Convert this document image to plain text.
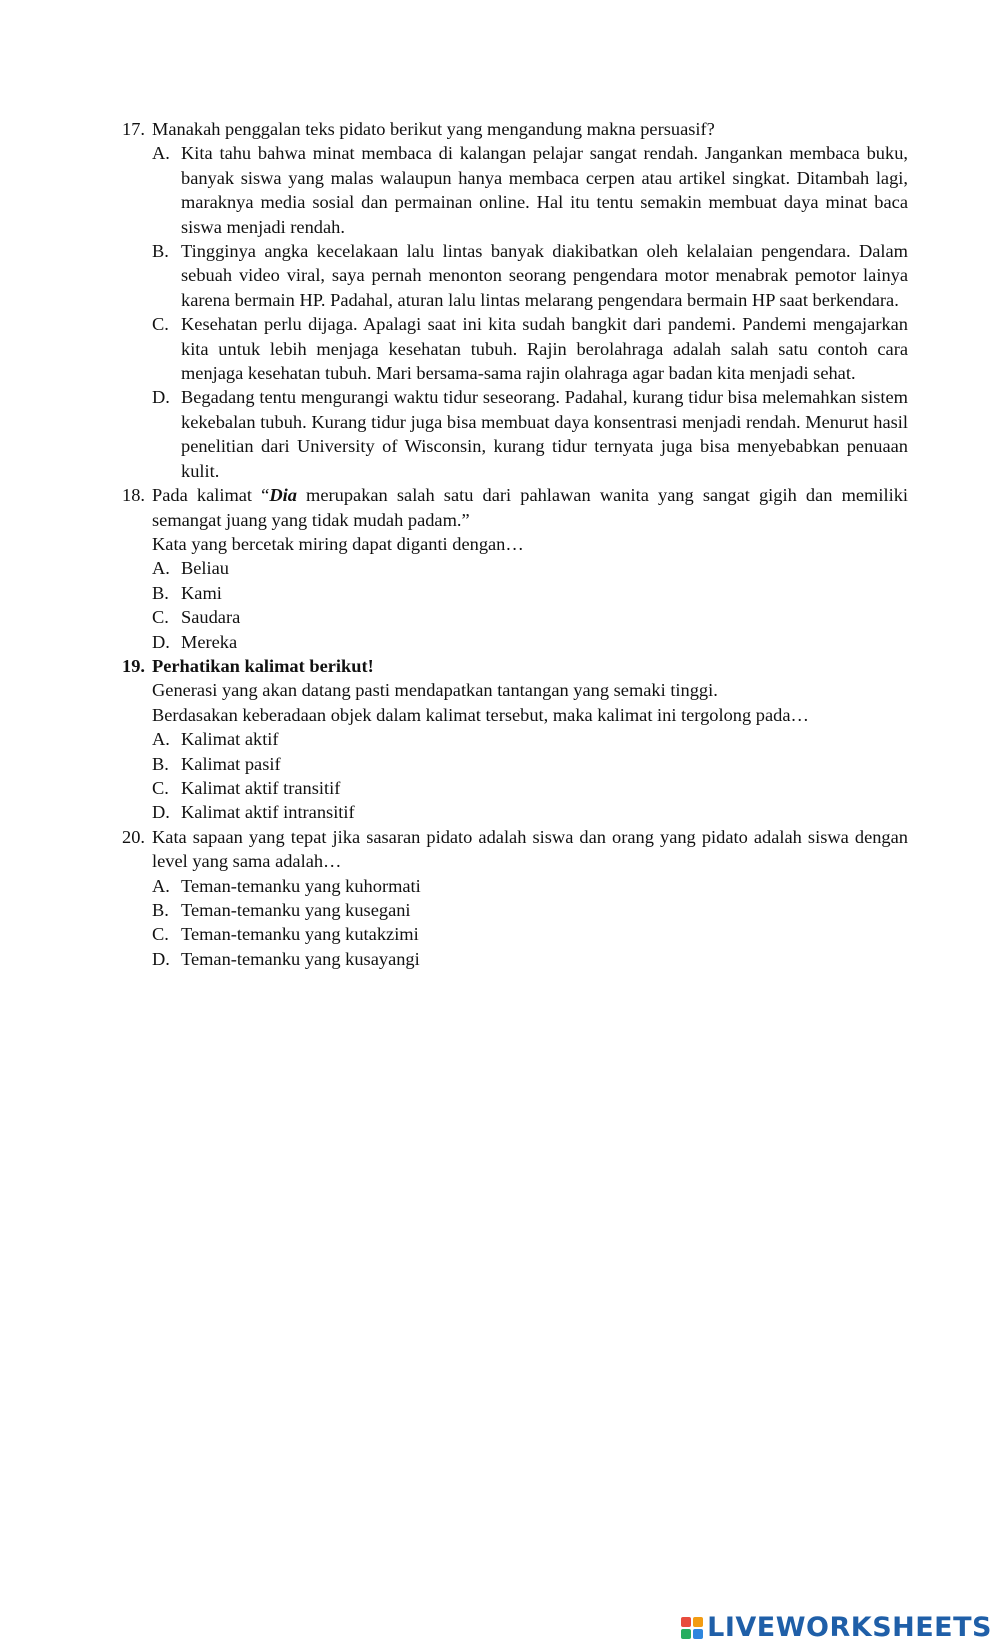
17. Manakah penggalan teks pidato berikut yang mengandung makna persuasif?
A. Kita tahu bahwa minat membaca di kalangan pelajar sangat rendah. Jangankan membaca buku, banyak siswa yang malas walaupun hanya membaca cerpen atau artikel singkat. Ditambah lagi, maraknya media sosial dan permainan online. Hal itu tentu semakin membuat daya minat baca siswa menjadi rendah.
B. Tingginya angka kecelakaan lalu lintas banyak diakibatkan oleh kelalaian pengendara. Dalam sebuah video viral, saya pernah menonton seorang pengendara motor menabrak pemotor lainya karena bermain HP. Padahal, aturan lalu lintas melarang pengendara bermain HP saat berkendara.
C. Kesehatan perlu dijaga. Apalagi saat ini kita sudah bangkit dari pandemi. Pandemi mengajarkan kita untuk lebih menjaga kesehatan tubuh. Rajin berolahraga adalah salah satu contoh cara menjaga kesehatan tubuh. Mari bersama-sama rajin olahraga agar badan kita menjadi sehat.
D. Begadang tentu mengurangi waktu tidur seseorang. Padahal, kurang tidur bisa melemahkan sistem kekebalan tubuh. Kurang tidur juga bisa membuat daya konsentrasi menjadi rendah. Menurut hasil penelitian dari University of Wisconsin, kurang tidur ternyata juga bisa menyebabkan penuaan kulit.
18. Pada kalimat “Dia merupakan salah satu dari pahlawan wanita yang sangat gigih dan memiliki semangat juang yang tidak mudah padam.”
Kata yang bercetak miring dapat diganti dengan…
A. Beliau
B. Kami
C. Saudara
D. Mereka
19. Perhatikan kalimat berikut!
Generasi yang akan datang pasti mendapatkan tantangan yang semaki tinggi.
Berdasakan keberadaan objek dalam kalimat tersebut, maka kalimat ini tergolong pada…
A. Kalimat aktif
B. Kalimat pasif
C. Kalimat aktif transitif
D. Kalimat aktif intransitif
20. Kata sapaan yang tepat jika sasaran pidato adalah siswa dan orang yang pidato adalah siswa dengan level yang sama adalah…
A. Teman-temanku yang kuhormati
B. Teman-temanku yang kusegani
C. Teman-temanku yang kutakzimi
D. Teman-temanku yang kusayangi
LIVEWORKSHEETS
